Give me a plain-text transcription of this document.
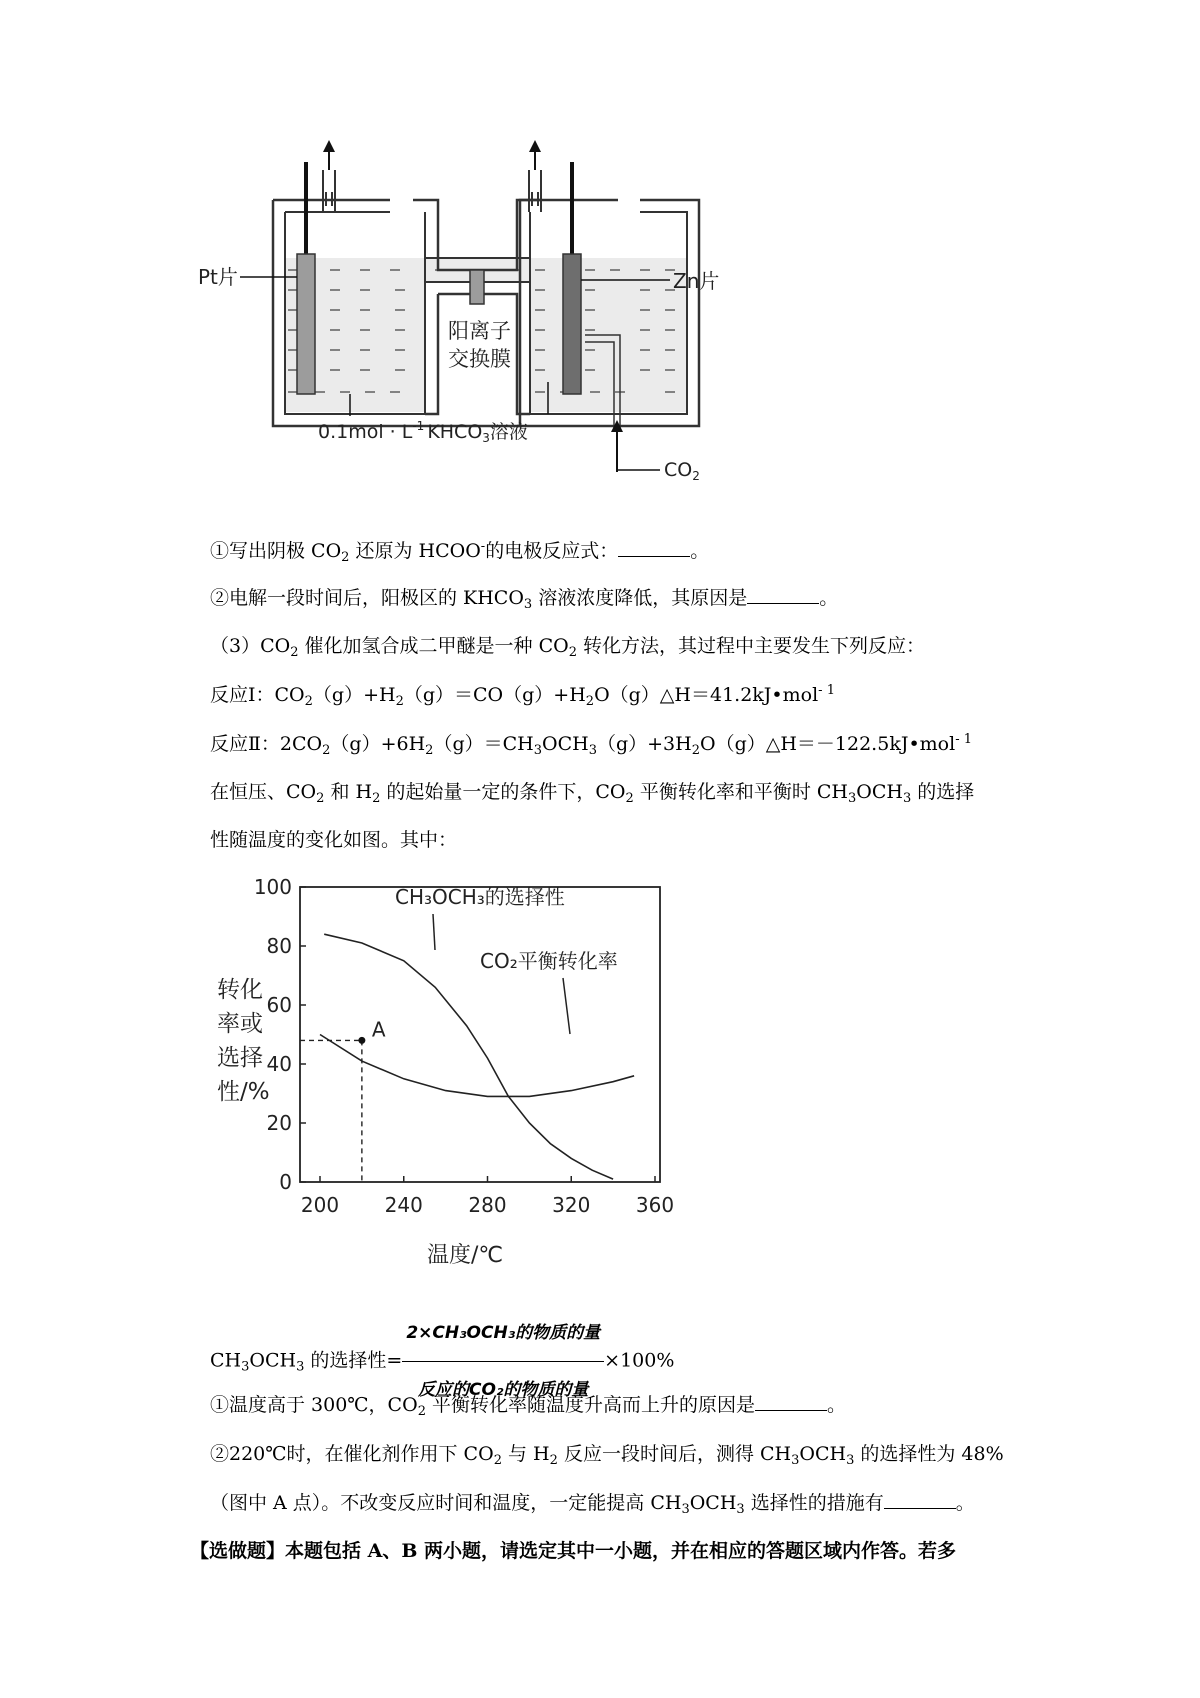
Pt片	Zn片
阳离子
交换膜
$0.1mol \cdot L^{-1}$ $KHCO_3$溶液
$CO_2$
①写出阴极 $CO_2$ 还原为 HCOO-的电极反应式：	。
②电解一段时间后，阳极区的 $KHCO_3$ 溶液浓度降低，其原因是	。
$(3)CO_2$ 催化加氢合成二甲醚是一种 $CO_2$ 转化方法，其过程中主要发生下列反应：
反应Ⅰ：$CO_2(g)+H_2(g)=CO(g)+H_2O(g)\triangle H=41.2kJ•mol^{- 1}$
反应Ⅱ：$2CO_2(g)+6H_2(g)=CH_3OCH_3(g)+3H_2O(g)\triangle H=-122.5kJ•mol^{- 1}$
在恒压、$CO_2$ 和 $H_2$ 的起始量一定的条件下，$CO_2$ 平衡转化率和平衡时 $CH_3OCH_3$ 的选择
性随温度的变化如图。其中：
转化
率或
选择
性/%
200 240 280 320 360
0
20
40
60
80
100	CH₃OCH₃的选择性
CO₂平衡转化率
A
温度/℃
$CH_3OCH_3$ 的选择性= $\frac{\text{2×CH₃OCH₃的物质的量}}{\text{反应的CO₂的物质的量}} \times 100\%$
①温度高于 300℃，$CO_2$ 平衡转化率随温度升高而上升的原因是	。
②220℃时，在催化剂作用下 $CO_2$ 与 $H_2$ 反应一段时间后，测得 $CH_3OCH_3$ 的选择性为 48%
（图中 A 点）。不改变反应时间和温度，一定能提高 $CH_3OCH_3$ 选择性的措施有	。
【选做题】本题包括 A、B 两小题，请选定其中一小题，并在相应的答题区域内作答。若多
